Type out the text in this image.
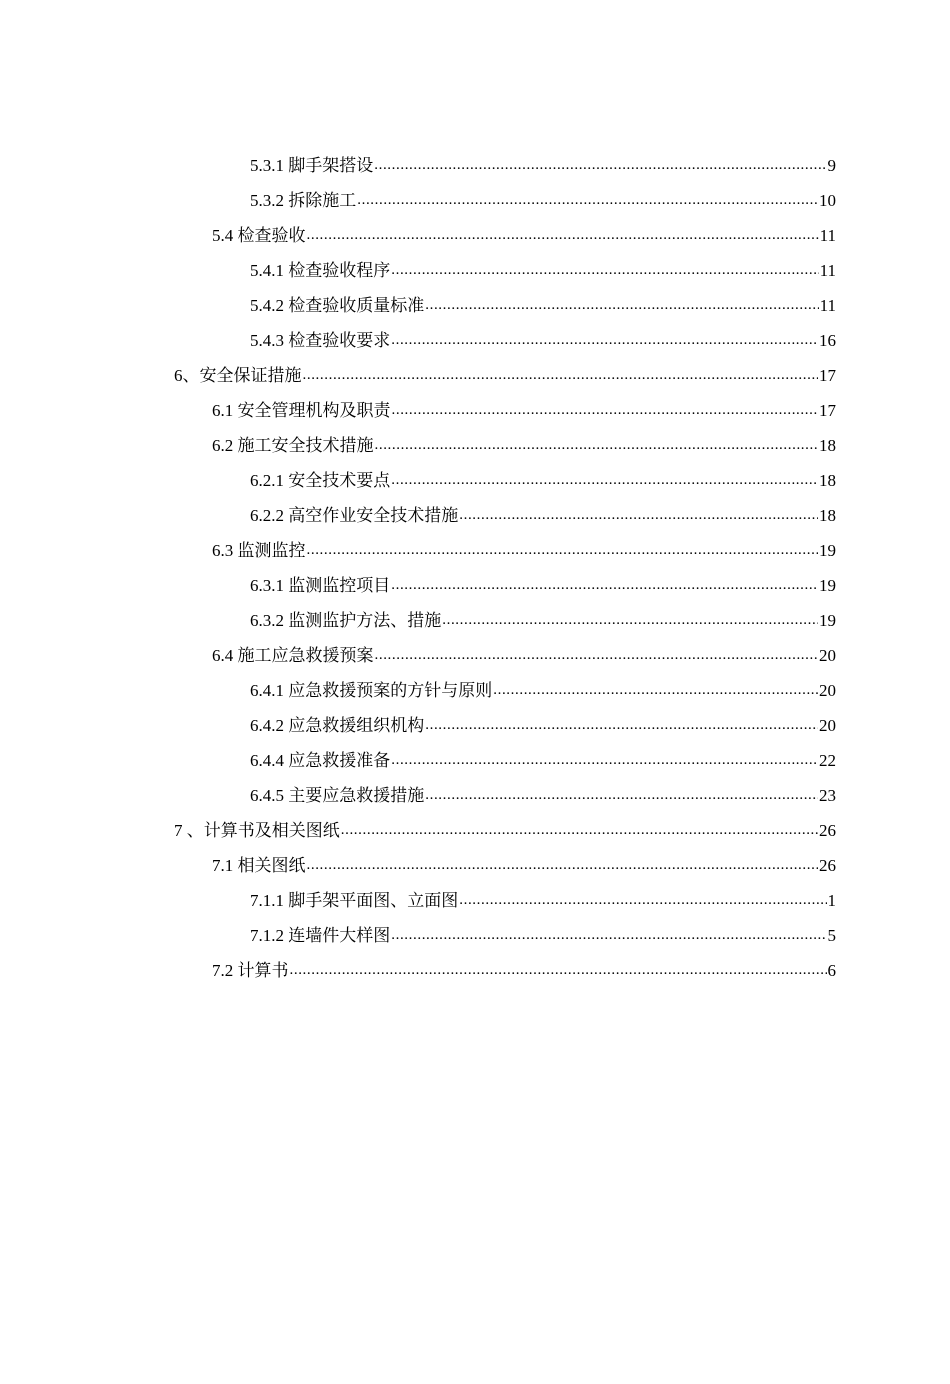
5.3.1 脚手架搭设 .....	9
5.3.2 拆除施工 .....	10
5.4 检查验收 .....	11
5.4.1 检查验收程序 .....	11
5.4.2 检查验收质量标准 .....	11
5.4.3 检查验收要求 .....	16
6、安全保证措施 .....	17
6.1 安全管理机构及职责 .....	17
6.2 施工安全技术措施 .....	18
6.2.1 安全技术要点 .....	18
6.2.2 高空作业安全技术措施 .....	18
6.3 监测监控 .....	19
6.3.1 监测监控项目 .....	19
6.3.2 监测监护方法、措施 .....	19
6.4 施工应急救援预案 .....	20
6.4.1 应急救援预案的方针与原则 .....	20
6.4.2 应急救援组织机构 .....	20
6.4.4 应急救援准备 .....	22
6.4.5 主要应急救援措施 .....	23
7 、计算书及相关图纸 .....	26
7.1 相关图纸 .....	26
7.1.1 脚手架平面图、立面图 .....	1
7.1.2 连墙件大样图 .....	5
7.2 计算书 .....	6
